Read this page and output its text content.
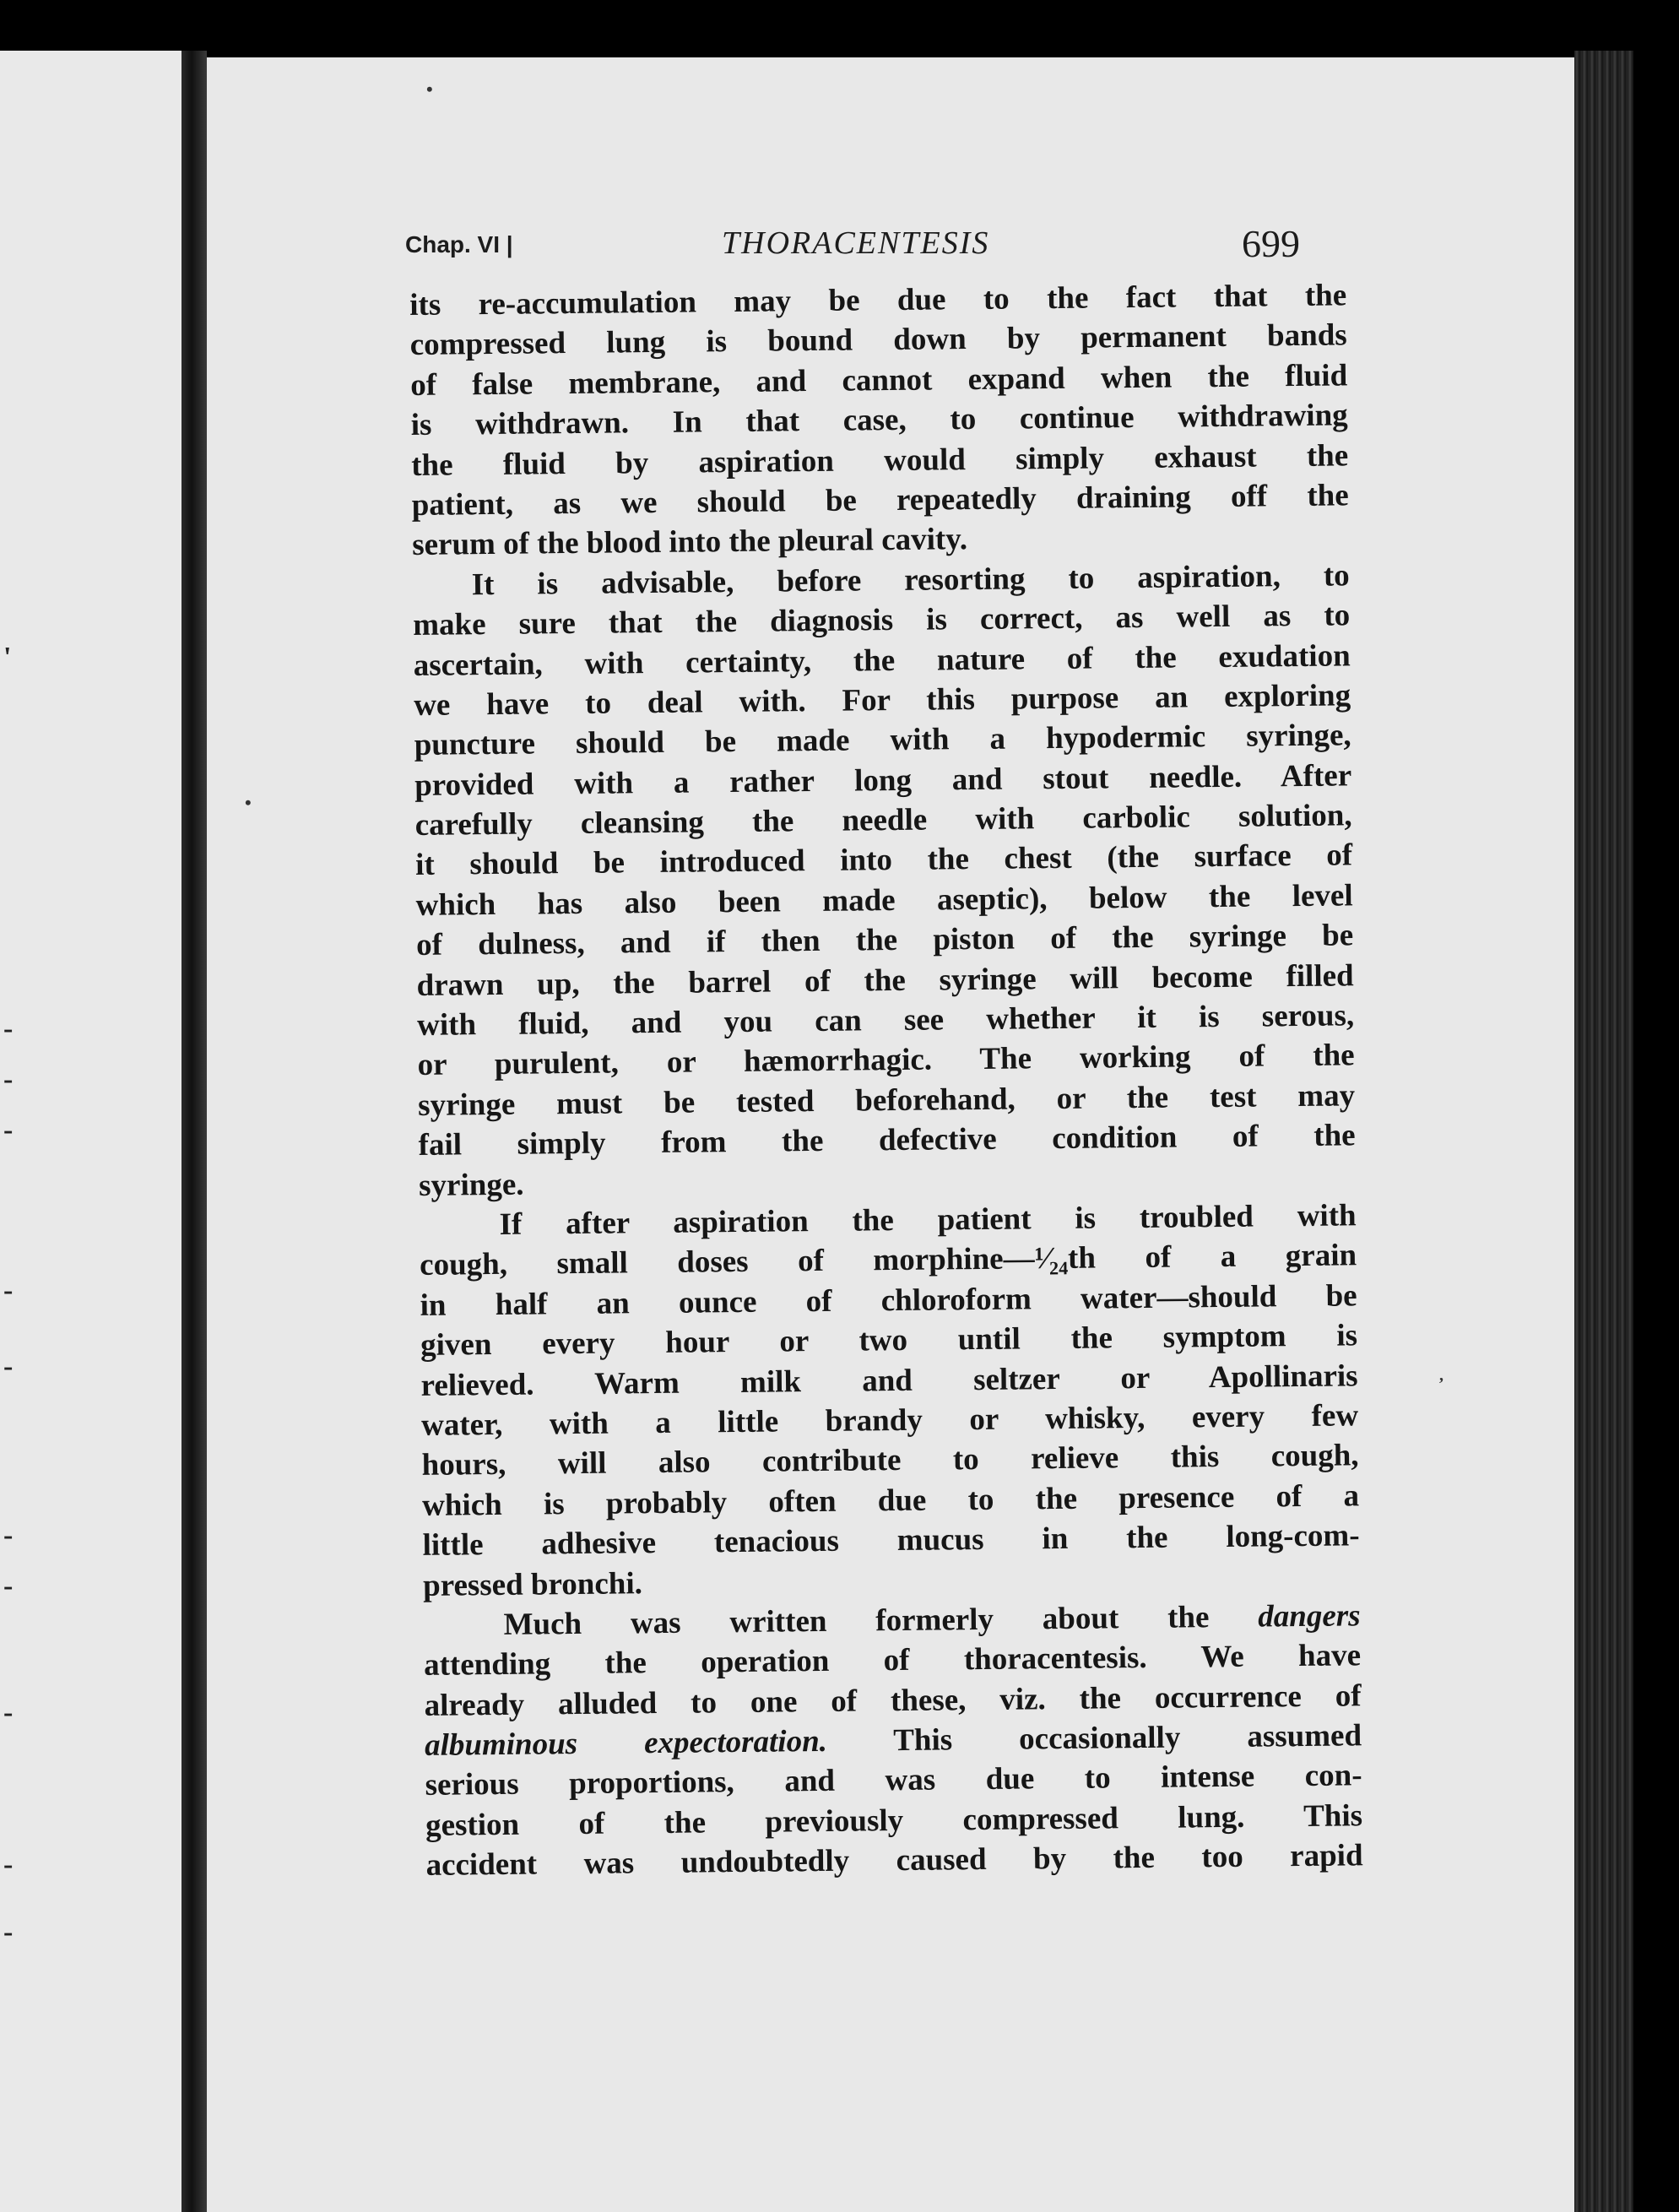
'
-
-
-
-
-
-
-
-
-
-
•
•
,
Chap. VI |	THORACENTESIS	699
its re-accumulation may be due to the fact that the
compressed lung is bound down by permanent bands
of false membrane, and cannot expand when the fluid
is withdrawn. In that case, to continue withdrawing
the fluid by aspiration would simply exhaust the
patient, as we should be repeatedly draining off the
serum of the blood into the pleural cavity.
It is advisable, before resorting to aspiration, to
make sure that the diagnosis is correct, as well as to
ascertain, with certainty, the nature of the exudation
we have to deal with. For this purpose an exploring
puncture should be made with a hypodermic syringe,
provided with a rather long and stout needle. After
carefully cleansing the needle with carbolic solution,
it should be introduced into the chest (the surface of
which has also been made aseptic), below the level
of dulness, and if then the piston of the syringe be
drawn up, the barrel of the syringe will become filled
with fluid, and you can see whether it is serous,
or purulent, or hæmorrhagic. The working of the
syringe must be tested beforehand, or the test may
fail simply from the defective condition of the
syringe.
If after aspiration the patient is troubled with
cough, small doses of morphine—¹⁄₂₄th of a grain
in half an ounce of chloroform water—should be
given every hour or two until the symptom is
relieved. Warm milk and seltzer or Apollinaris
water, with a little brandy or whisky, every few
hours, will also contribute to relieve this cough,
which is probably often due to the presence of a
little adhesive tenacious mucus in the long-com-
pressed bronchi.
Much was written formerly about the dangers
attending the operation of thoracentesis. We have
already alluded to one of these, viz. the occurrence of
albuminous expectoration. This occasionally assumed
serious proportions, and was due to intense con-
gestion of the previously compressed lung. This
accident was undoubtedly caused by the too rapid
